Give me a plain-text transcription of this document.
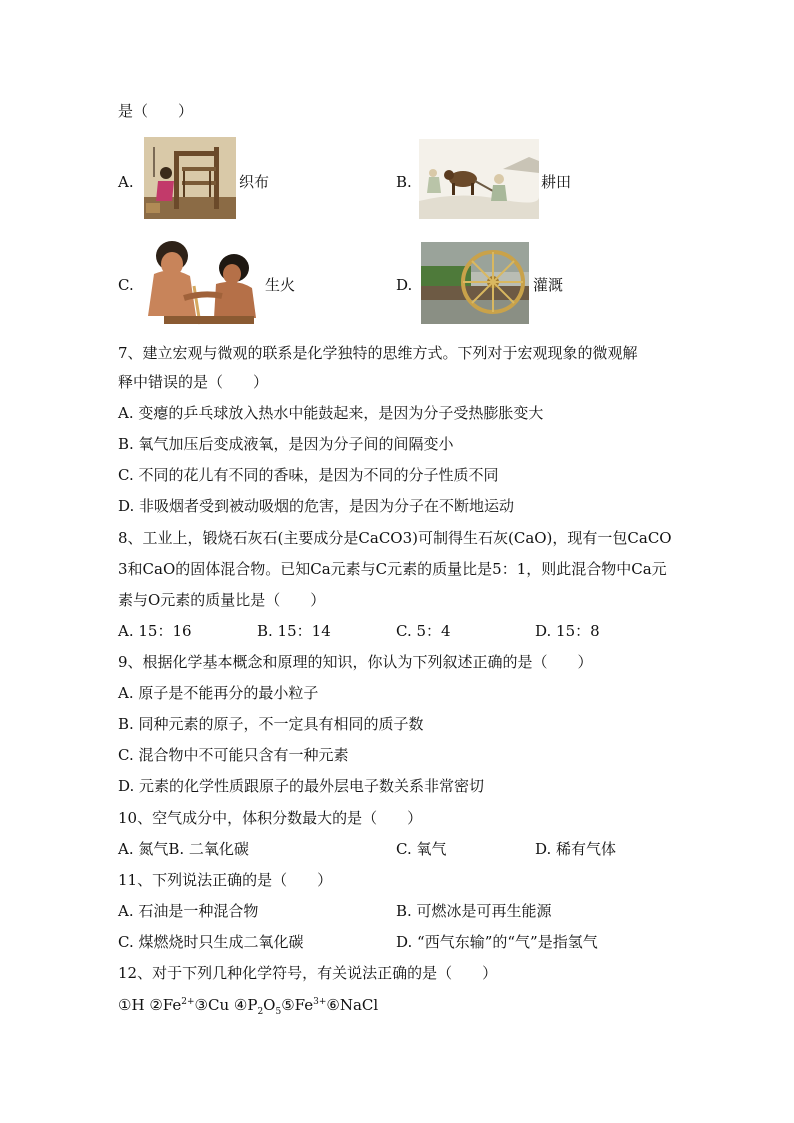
是（　　）
A.	织布	B.	耕田
C.	生火	D.	灌溉
7、建立宏观与微观的联系是化学独特的思维方式。下列对于宏观现象的微观解
释中错误的是（　　）
A. 变瘪的乒乓球放入热水中能鼓起来，是因为分子受热膨胀变大
B. 氧气加压后变成液氧，是因为分子间的间隔变小
C. 不同的花儿有不同的香味，是因为不同的分子性质不同
D. 非吸烟者受到被动吸烟的危害，是因为分子在不断地运动
8、工业上，锻烧石灰石(主要成分是CaCO3)可制得生石灰(CaO)，现有一包CaCO
3和CaO的固体混合物。已知Ca元素与C元素的质量比是5：1，则此混合物中Ca元
素与O元素的质量比是（　　）
A. 15：16	B. 15：14	C. 5：4	D. 15：8
9、根据化学基本概念和原理的知识，你认为下列叙述正确的是（　　）
A. 原子是不能再分的最小粒子
B. 同种元素的原子，不一定具有相同的质子数
C. 混合物中不可能只含有一种元素
D. 元素的化学性质跟原子的最外层电子数关系非常密切
10、空气成分中，体积分数最大的是（　　）
A. 氮气B. 二氧化碳	C. 氧气	D. 稀有气体
11、下列说法正确的是（　　）
A. 石油是一种混合物	B. 可燃冰是可再生能源
C. 煤燃烧时只生成二氧化碳	D. “西气东输”的“气”是指氢气
12、对于下列几种化学符号，有关说法正确的是（　　）
①H $②Fe^{2+}③Cu$ $④P_2O_5⑤Fe^{3+}⑥NaCl$
